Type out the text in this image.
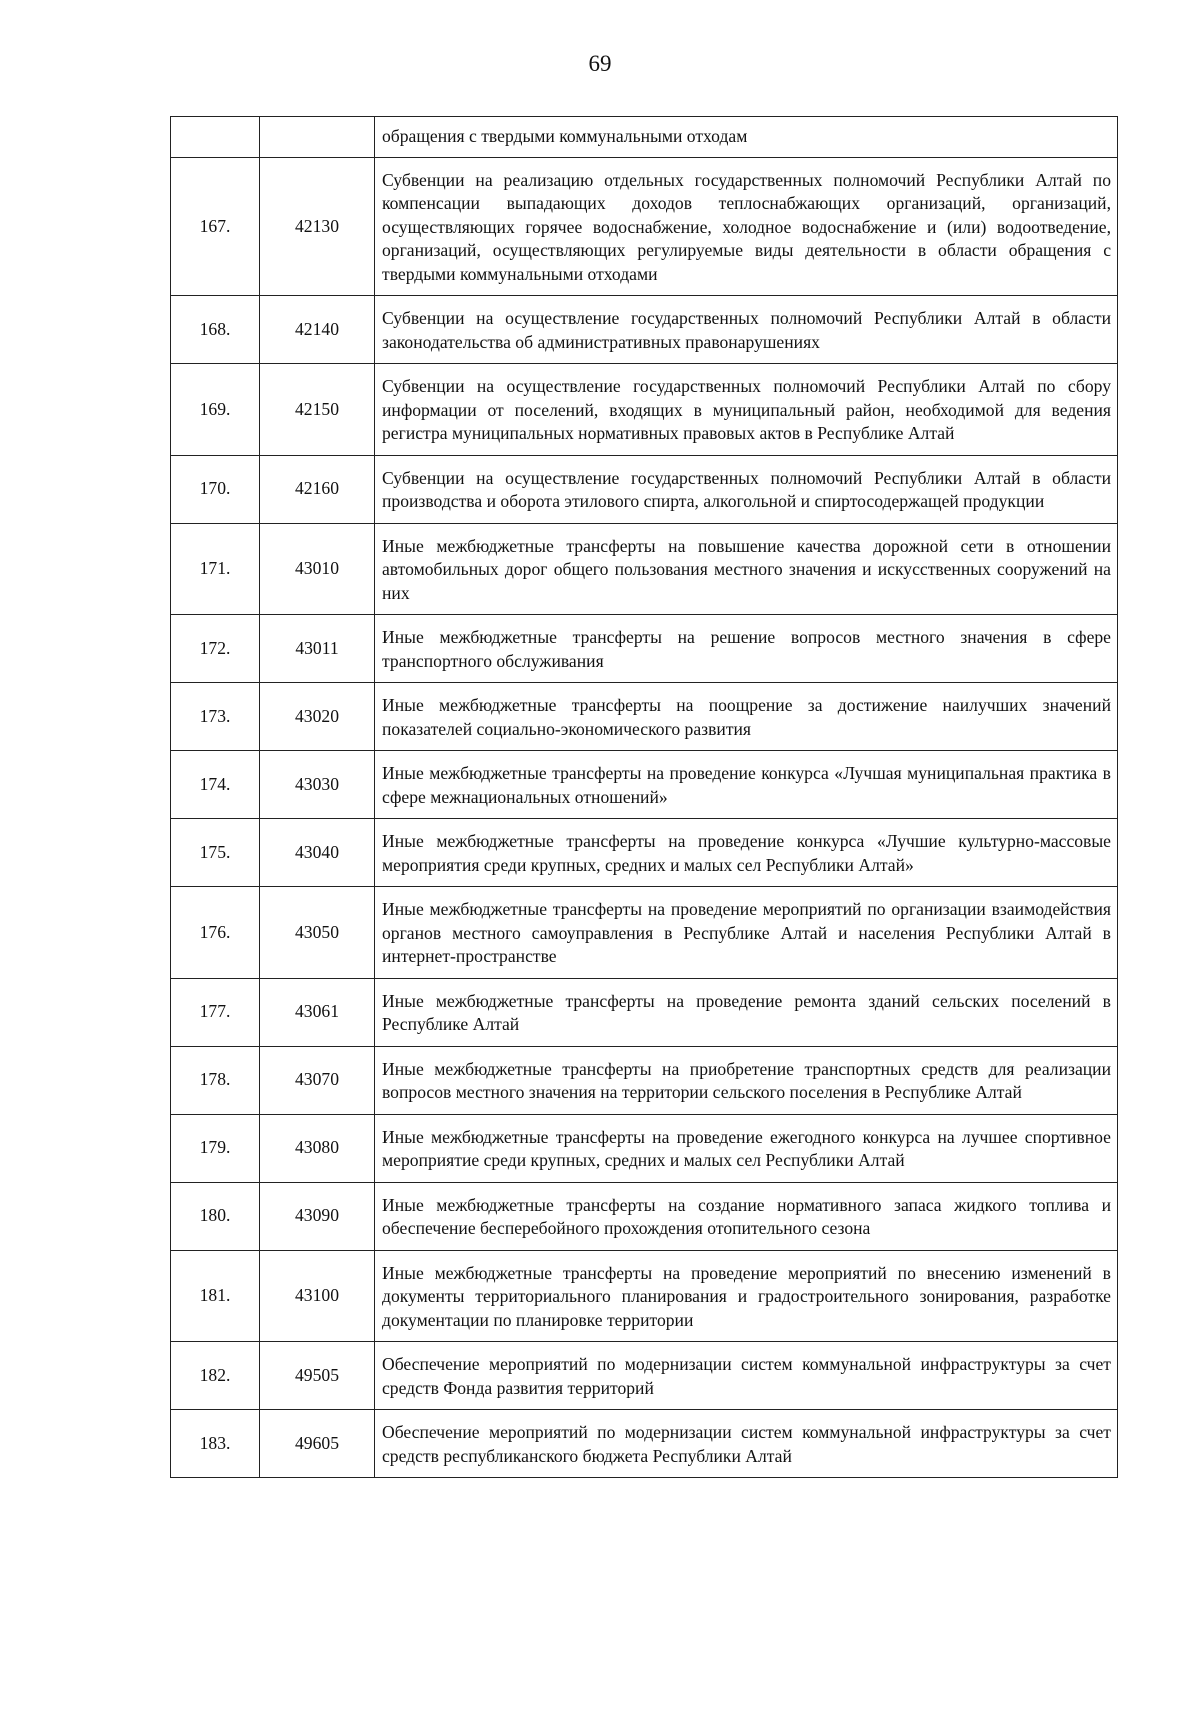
69
		обращения с твердыми коммунальными отходам
167.	42130	Субвенции на реализацию отдельных государственных полномочий Республики Алтай по компенсации выпадающих доходов теплоснабжающих организаций, организаций, осуществляющих горячее водоснабжение, холодное водоснабжение и (или) водоотведение, организаций, осуществляющих регулируемые виды деятельности в области обращения с твердыми коммунальными отходами
168.	42140	Субвенции на осуществление государственных полномочий Республики Алтай в области законодательства об административных правонарушениях
169.	42150	Субвенции на осуществление государственных полномочий Республики Алтай по сбору информации от поселений, входящих в муниципальный район, необходимой для ведения регистра муниципальных нормативных правовых актов в Республике Алтай
170.	42160	Субвенции на осуществление государственных полномочий Республики Алтай в области производства и оборота этилового спирта, алкогольной и спиртосодержащей продукции
171.	43010	Иные межбюджетные трансферты на повышение качества дорожной сети в отношении автомобильных дорог общего пользования местного значения и искусственных сооружений на них
172.	43011	Иные межбюджетные трансферты на решение вопросов местного значения в сфере транспортного обслуживания
173.	43020	Иные межбюджетные трансферты на поощрение за достижение наилучших значений показателей социально-экономического развития
174.	43030	Иные межбюджетные трансферты на проведение конкурса «Лучшая муниципальная практика в сфере межнациональных отношений»
175.	43040	Иные межбюджетные трансферты на проведение конкурса «Лучшие культурно-массовые мероприятия среди крупных, средних и малых сел Республики Алтай»
176.	43050	Иные межбюджетные трансферты на проведение мероприятий по организации взаимодействия органов местного самоуправления в Республике Алтай и населения Республики Алтай в интернет-пространстве
177.	43061	Иные межбюджетные трансферты на проведение ремонта зданий сельских поселений в Республике Алтай
178.	43070	Иные межбюджетные трансферты на приобретение транспортных средств для реализации вопросов местного значения на территории сельского поселения в Республике Алтай
179.	43080	Иные межбюджетные трансферты на проведение ежегодного конкурса на лучшее спортивное мероприятие среди крупных, средних и малых сел Республики Алтай
180.	43090	Иные межбюджетные трансферты на создание нормативного запаса жидкого топлива и обеспечение бесперебойного прохождения отопительного сезона
181.	43100	Иные межбюджетные трансферты на проведение мероприятий по внесению изменений в документы территориального планирования и градостроительного зонирования, разработке документации по планировке территории
182.	49505	Обеспечение мероприятий по модернизации систем коммунальной инфраструктуры за счет средств Фонда развития территорий
183.	49605	Обеспечение мероприятий по модернизации систем коммунальной инфраструктуры за счет средств республиканского бюджета Республики Алтай
